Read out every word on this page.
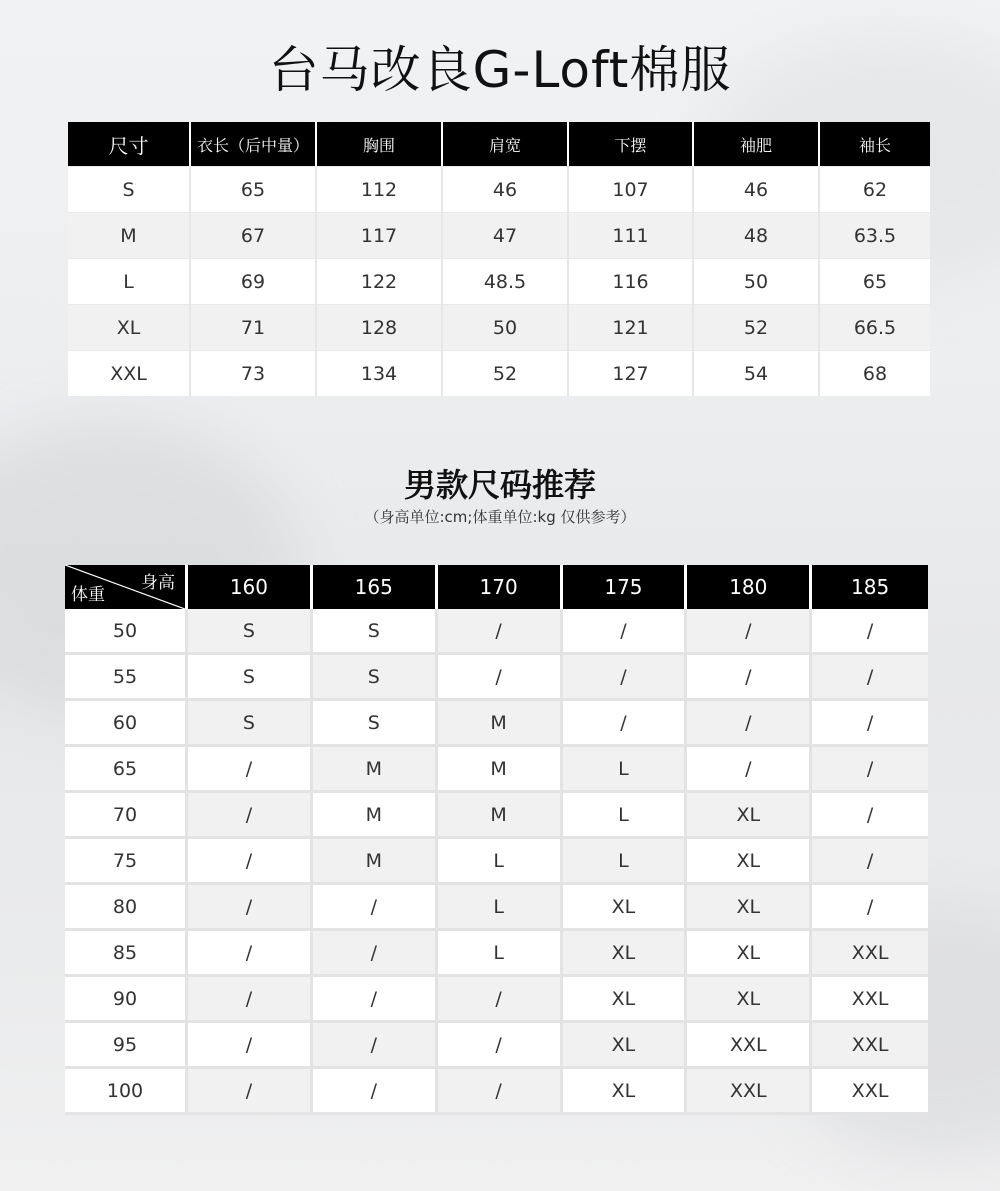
台马改良G-Loft棉服
尺寸	衣长（后中量）	胸围	肩宽	下摆	袖肥	袖长
S	65	112	46	107	46	62
M	67	117	47	111	48	63.5
L	69	122	48.5	116	50	65
XL	71	128	50	121	52	66.5
XXL	73	134	52	127	54	68
男款尺码推荐
（身高单位:cm;体重单位:kg 仅供参考）
身高
体重	160	165	170	175	180	185
50	S	S	/	/	/	/
55	S	S	/	/	/	/
60	S	S	M	/	/	/
65	/	M	M	L	/	/
70	/	M	M	L	XL	/
75	/	M	L	L	XL	/
80	/	/	L	XL	XL	/
85	/	/	L	XL	XL	XXL
90	/	/	/	XL	XL	XXL
95	/	/	/	XL	XXL	XXL
100	/	/	/	XL	XXL	XXL
